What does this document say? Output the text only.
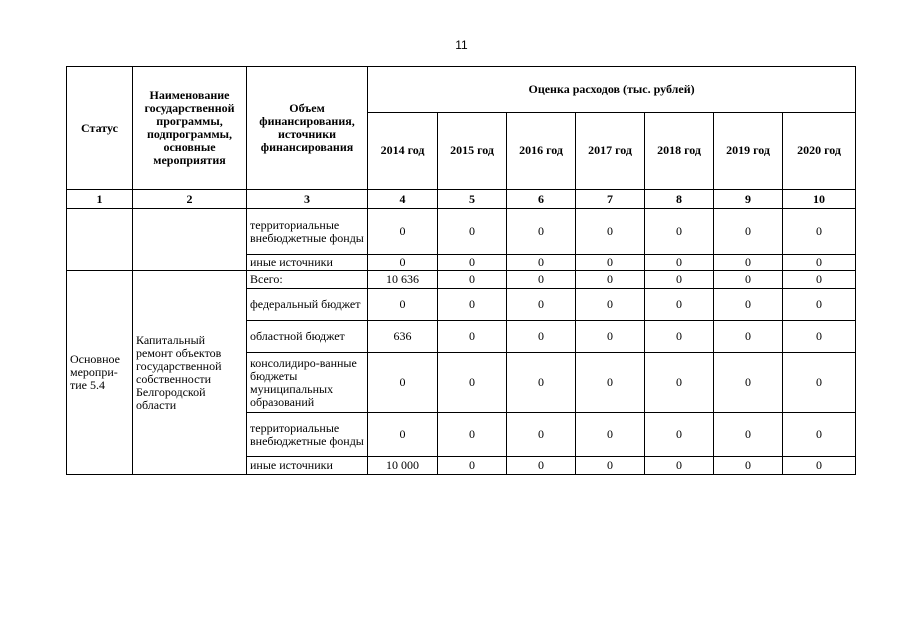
11
Статус	Наименование государственной программы, подпрограммы, основные мероприятия	Объем финансирования, источники финансирования	Оценка расходов (тыс. рублей)						
			2014 год	2015 год	2016 год	2017 год	2018 год	2019 год	2020 год
1	2	3	4	5	6	7	8	9	10
		территориальные внебюджетные фонды	0	0	0	0	0	0	0
		иные источники	0	0	0	0	0	0	0
Основное меропри-тие 5.4	Капитальный ремонт объектов государственной собственности Белгородской области	Всего:	10 636	0	0	0	0	0	0
		федеральный бюджет	0	0	0	0	0	0	0
		областной бюджет	636	0	0	0	0	0	0
		консолидиро-ванные бюджеты муниципальных образований	0	0	0	0	0	0	0
		территориальные внебюджетные фонды	0	0	0	0	0	0	0
		иные источники	10 000	0	0	0	0	0	0
